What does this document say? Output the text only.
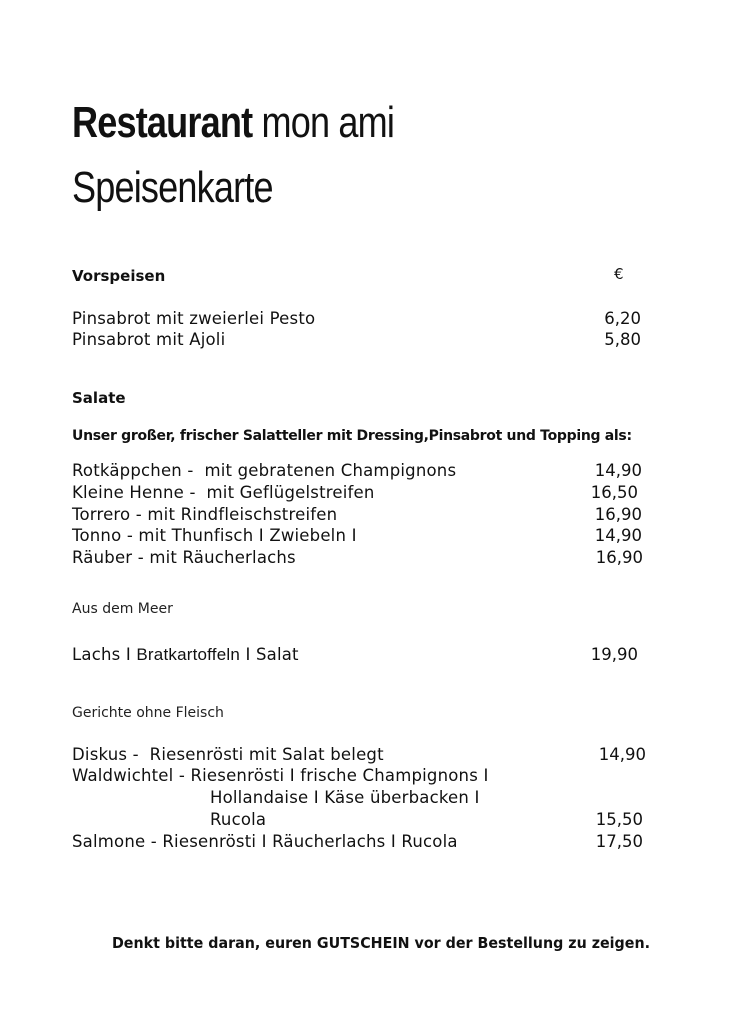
Restaurant mon ami
Speisenkarte
Vorspeisen	€
Pinsabrot mit zweierlei Pesto	6,20
Pinsabrot mit Ajoli	5,80
Salate
Unser großer, frischer Salatteller mit Dressing,Pinsabrot und Topping als:
Rotkäppchen -  mit gebratenen Champignons	14,90
Kleine Henne -  mit Geflügelstreifen	16,50
Torrero - mit Rindfleischstreifen	16,90
Tonno - mit Thunfisch I Zwiebeln I	14,90
Räuber - mit Räucherlachs	16,90
Aus dem Meer
Lachs I Bratkartoffeln I Salat	19,90
Gerichte ohne Fleisch
Diskus -  Riesenrösti mit Salat belegt	14,90
Waldwichtel - Riesenrösti I frische Champignons I
Hollandaise I Käse überbacken I
Rucola	15,50
Salmone - Riesenrösti I Räucherlachs I Rucola	17,50
Denkt bitte daran, euren GUTSCHEIN vor der Bestellung zu zeigen.
